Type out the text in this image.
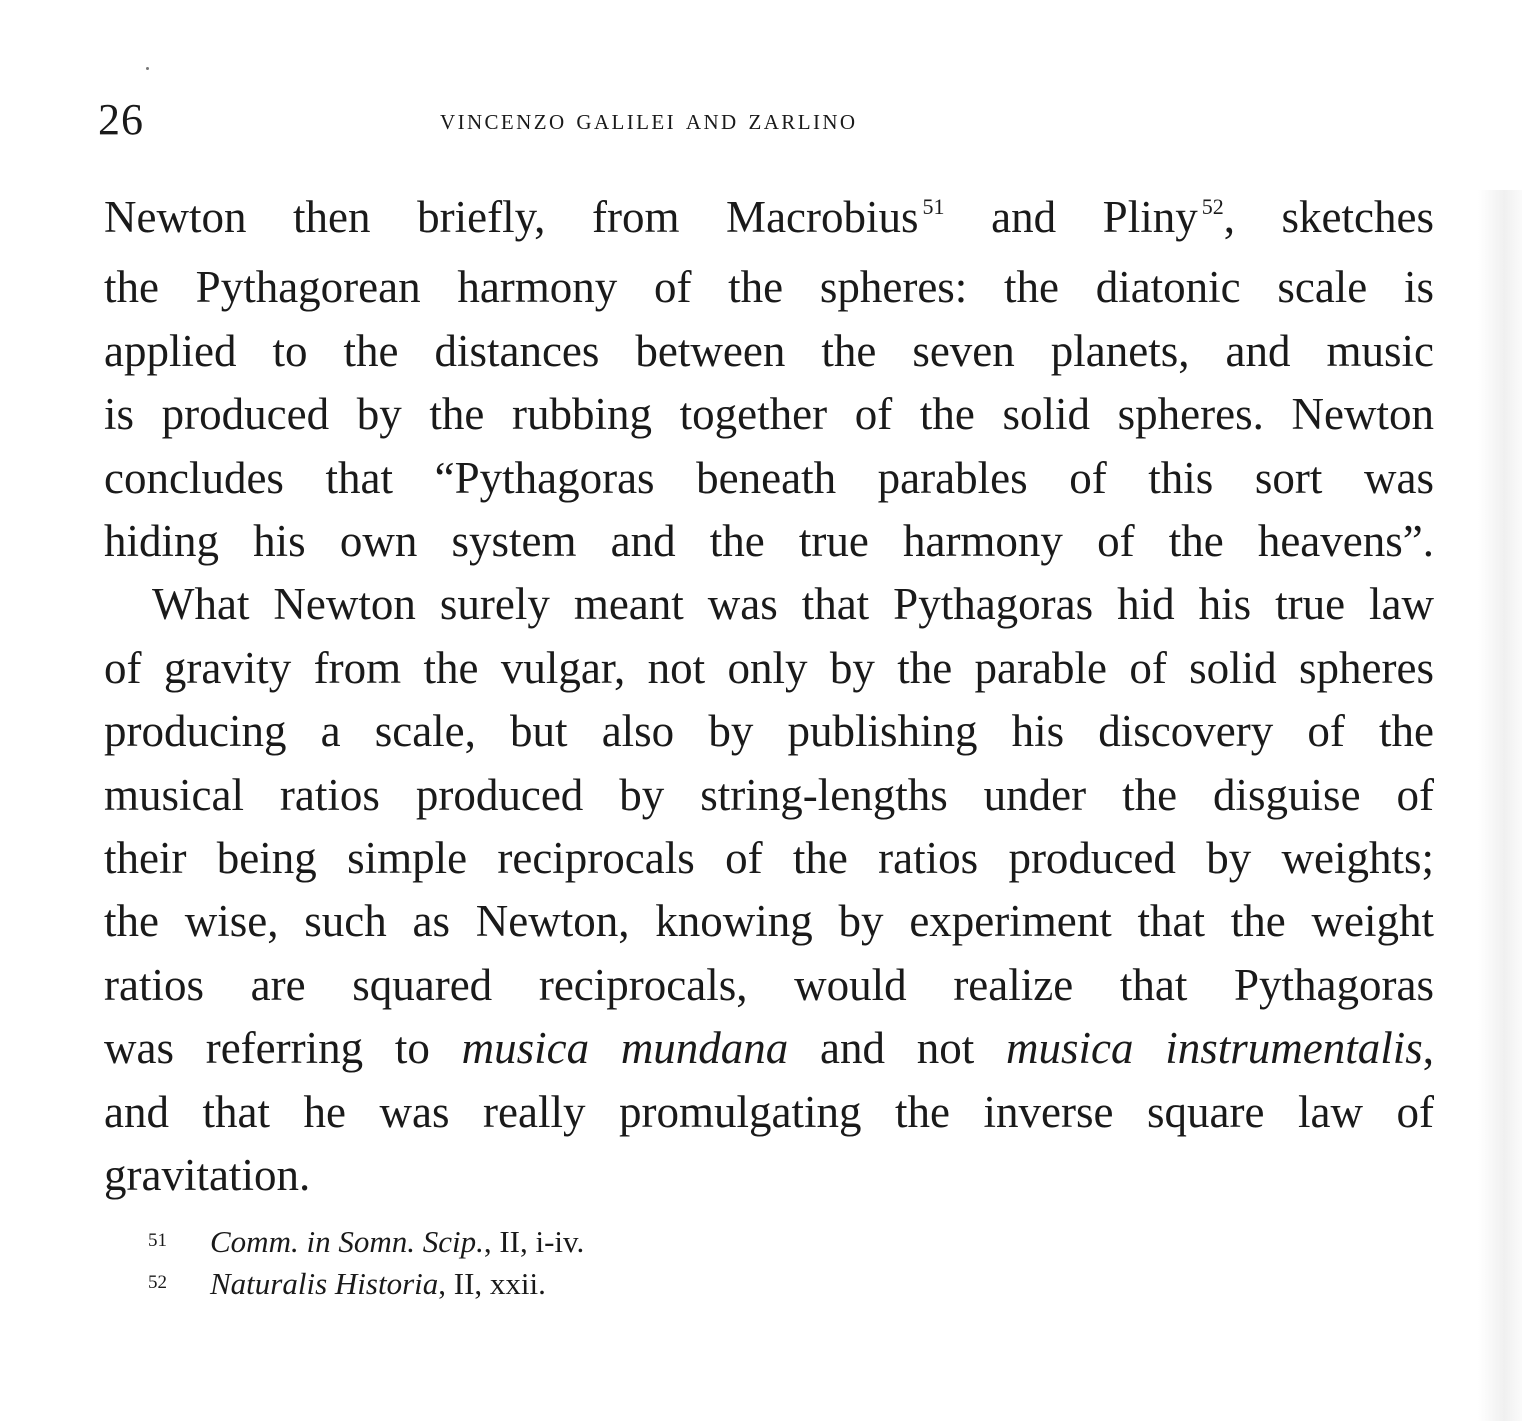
26	vincenzo galilei and zarlino

Newton then briefly, from Macrobius $^{51}$ and Pliny $^{52}$, sketches

the Pythagorean harmony of the spheres: the diatonic scale is

applied to the distances between the seven planets, and music

is produced by the rubbing together of the solid spheres. Newton

concludes that “Pythagoras beneath parables of this sort was

hiding his own system and the true harmony of the heavens”.

What Newton surely meant was that Pythagoras hid his true law

of gravity from the vulgar, not only by the parable of solid spheres

producing a scale, but also by publishing his discovery of the

musical ratios produced by string-lengths under the disguise of

their being simple reciprocals of the ratios produced by weights;

the wise, such as Newton, knowing by experiment that the weight

ratios are squared reciprocals, would realize that Pythagoras

was referring to musica mundana and not musica instrumentalis,

and that he was really promulgating the inverse square law of

gravitation.

51 Comm. in Somn. Scip., II, i-iv.
52 Naturalis Historia, II, xxii.
